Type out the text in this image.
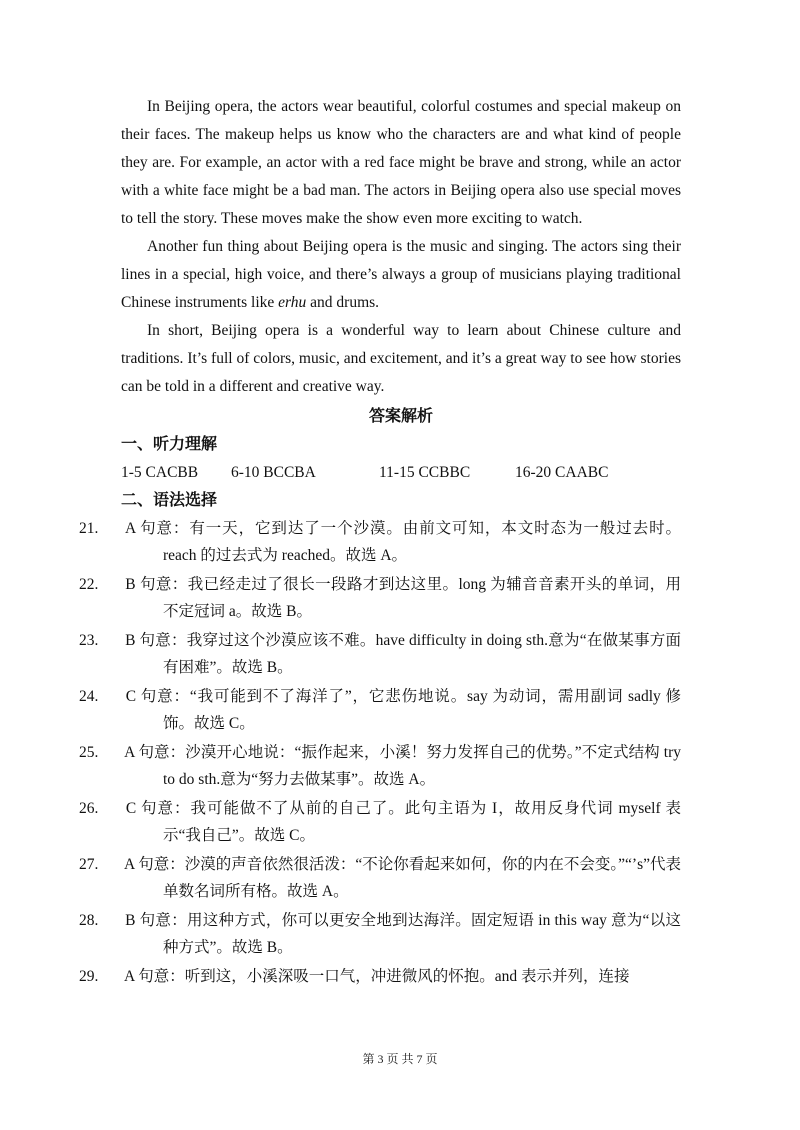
In Beijing opera, the actors wear beautiful, colorful costumes and special makeup on their faces. The makeup helps us know who the characters are and what kind of people they are. For example, an actor with a red face might be brave and strong, while an actor with a white face might be a bad man. The actors in Beijing opera also use special moves to tell the story. These moves make the show even more exciting to watch.

Another fun thing about Beijing opera is the music and singing. The actors sing their lines in a special, high voice, and there’s always a group of musicians playing traditional Chinese instruments like erhu and drums.

In short, Beijing opera is a wonderful way to learn about Chinese culture and traditions. It’s full of colors, music, and excitement, and it’s a great way to see how stories can be told in a different and creative way.

答案解析

一、听力理解

1-5 CACBB	6-10 BCCBA	11-15 CCBBC	16-20 CAABC

二、语法选择

21. A 句意：有一天，它到达了一个沙漠。由前文可知，本文时态为一般过去时。reach 的过去式为 reached。故选 A。

22. B 句意：我已经走过了很长一段路才到达这里。long 为辅音音素开头的单词，用不定冠词 a。故选 B。

23. B 句意：我穿过这个沙漠应该不难。have difficulty in doing sth.意为“在做某事方面有困难”。故选 B。

24. C 句意：“我可能到不了海洋了”，它悲伤地说。say 为动词，需用副词 sadly 修饰。故选 C。

25. A 句意：沙漠开心地说：“振作起来，小溪！努力发挥自己的优势。”不定式结构 try to do sth.意为“努力去做某事”。故选 A。

26. C 句意：我可能做不了从前的自己了。此句主语为 I，故用反身代词 myself 表示“我自己”。故选 C。

27. A 句意：沙漠的声音依然很活泼：“不论你看起来如何，你的内在不会变。”“’s”代表单数名词所有格。故选 A。

28. B 句意：用这种方式，你可以更安全地到达海洋。固定短语 in this way 意为“以这种方式”。故选 B。

29. A 句意：听到这，小溪深吸一口气，冲进微风的怀抱。and 表示并列，连接

第 3 页 共 7 页
